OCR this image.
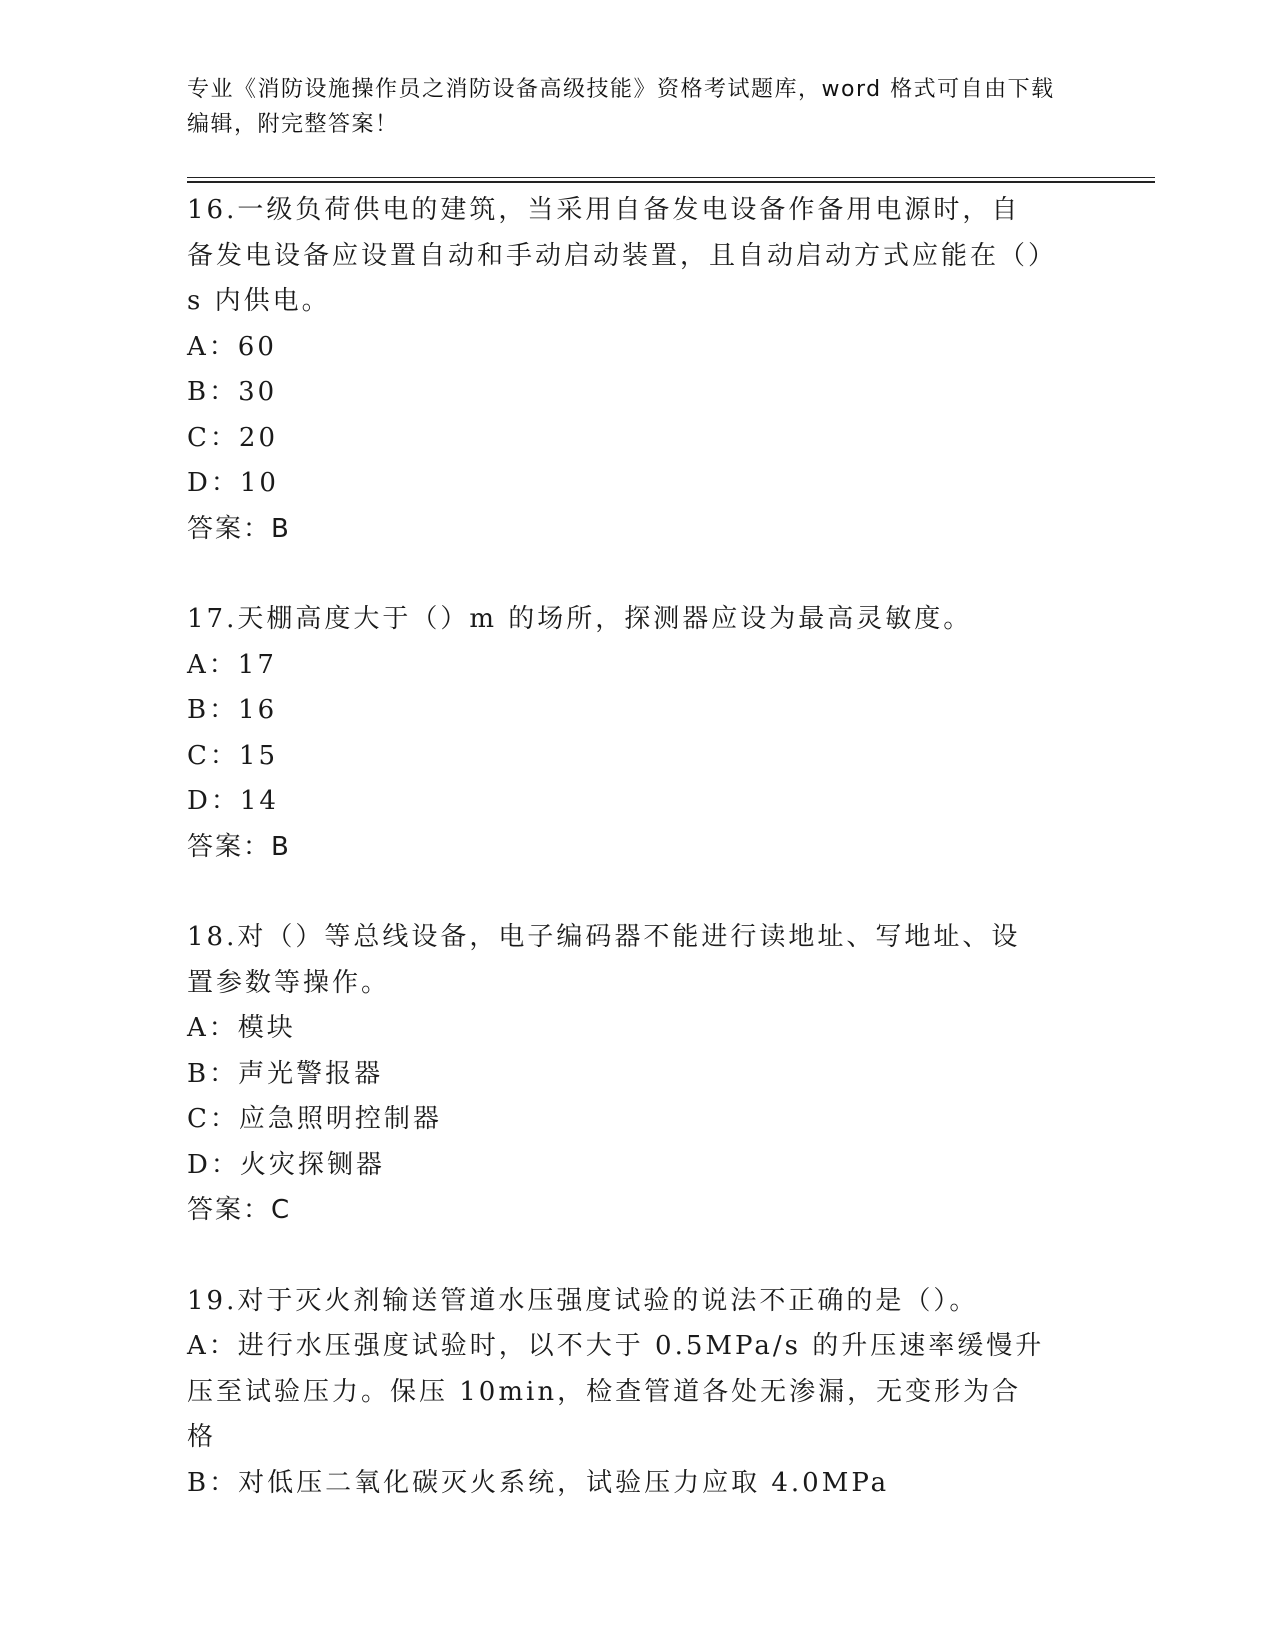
专业《消防设施操作员之消防设备高级技能》资格考试题库，word 格式可自由下载编辑，附完整答案！

16.一级负荷供电的建筑，当采用自备发电设备作备用电源时，自备发电设备应设置自动和手动启动装置，且自动启动方式应能在（）s 内供电。

A：60

B：30

C：20

D：10

答案：B

17.天棚高度大于（）m 的场所，探测器应设为最高灵敏度。

A：17

B：16

C：15

D：14

答案：B

18.对（）等总线设备，电子编码器不能进行读地址、写地址、设置参数等操作。

A：模块

B：声光警报器

C：应急照明控制器

D：火灾探铡器

答案：C

19.对于灭火剂输送管道水压强度试验的说法不正确的是（）。

A：进行水压强度试验时，以不大于 0.5MPa/s 的升压速率缓慢升压至试验压力。保压 10min，检查管道各处无渗漏，无变形为合格

B：对低压二氧化碳灭火系统，试验压力应取 4.0MPa
